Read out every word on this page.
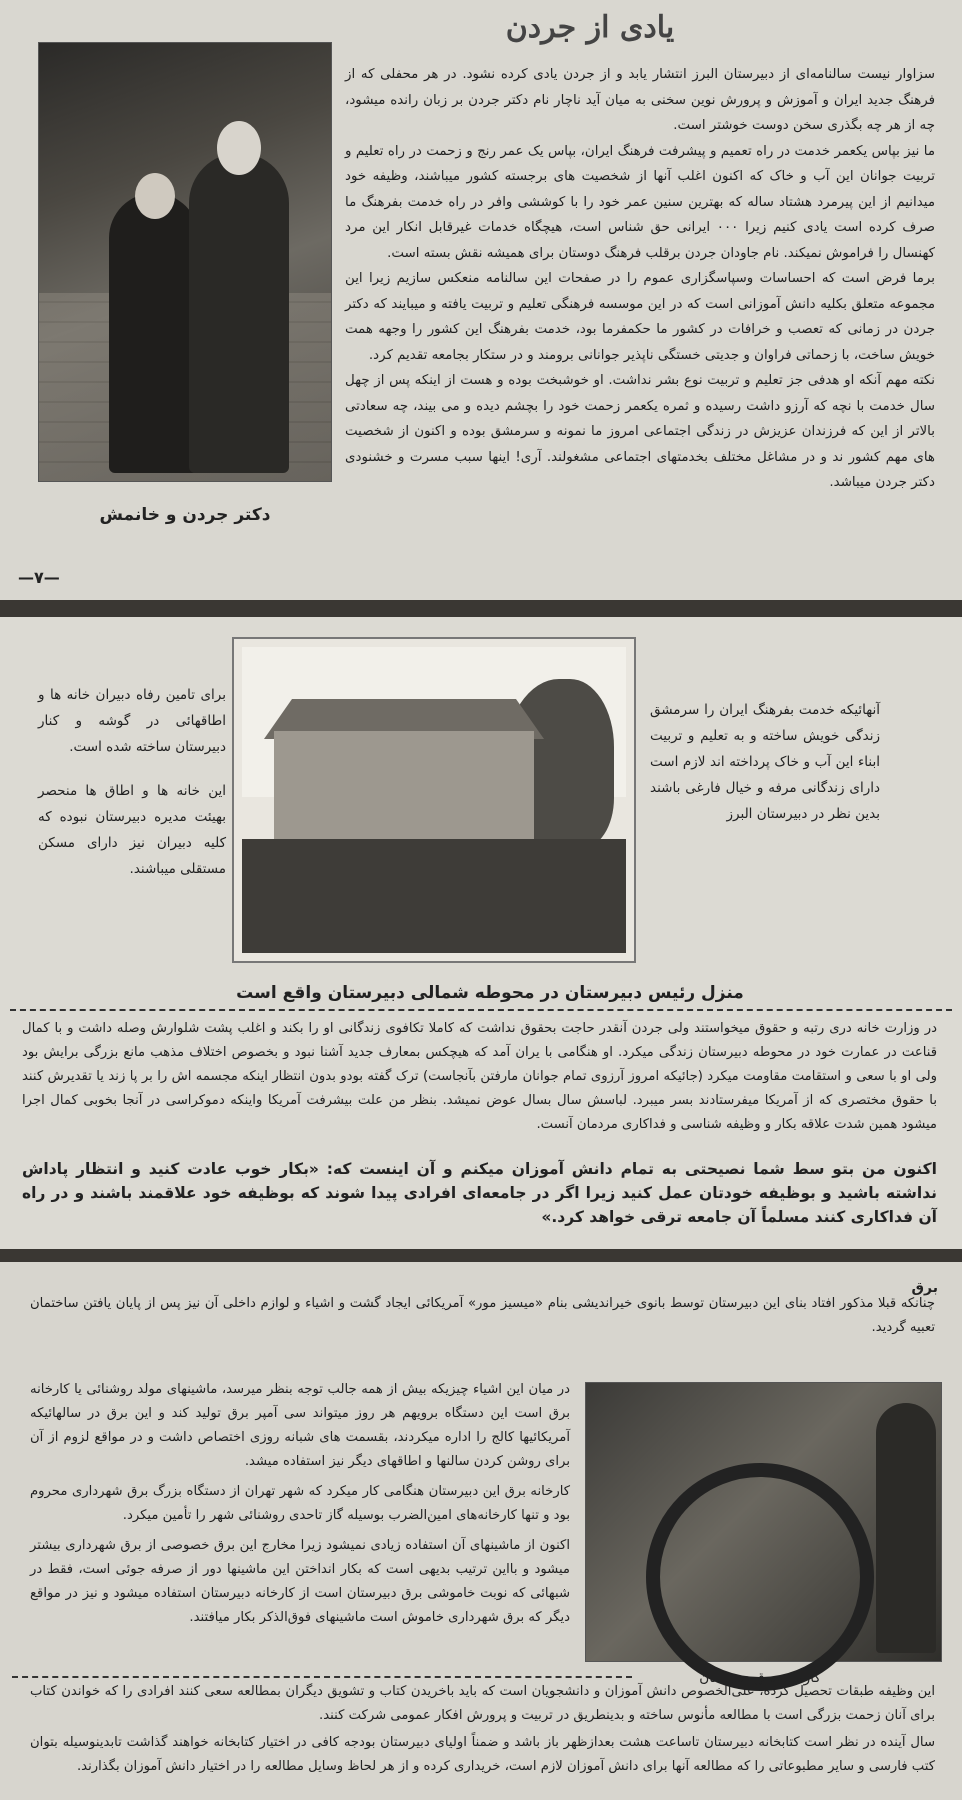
دکتر جردن و خانمش
یادی از جردن

سزاوار نیست سالنامه‌ای از دبیرستان البرز انتشار یابد و از جردن یادی کرده نشود. در هر محفلی که از فرهنگ جدید ایران و آموزش و پرورش نوین سخنی به میان آید ناچار نام دکتر جردن بر زبان رانده میشود، چه از هر چه بگذری سخن دوست خوشتر است.

ما نیز بپاس یکعمر خدمت در راه تعمیم و پیشرفت فرهنگ ایران، بپاس یک عمر رنج و زحمت در راه تعلیم و تربیت جوانان این آب و خاک که اکنون اغلب آنها از شخصیت های برجسته کشور میباشند، وظیفه خود میدانیم از این پیرمرد هشتاد ساله که بهترین سنین عمر خود را با کوششی وافر در راه خدمت بفرهنگ ما صرف کرده است یادی کنیم زیرا ۰۰۰ ایرانی حق شناس است، هیچگاه خدمات غیرقابل انکار این مرد کهنسال را فراموش نمیکند. نام جاودان جردن برقلب فرهنگ دوستان برای همیشه نقش بسته است.

برما فرض است که احساسات وسپاسگزاری عموم را در صفحات این سالنامه منعکس سازیم زیرا این مجموعه متعلق بکلیه دانش آموزانی است که در این موسسه فرهنگی تعلیم و تربیت یافته و میبایند که دکتر جردن در زمانی که تعصب و خرافات در کشور ما حکمفرما بود، خدمت بفرهنگ این کشور را وجهه همت خویش ساخت، با زحماتی فراوان و جدیتی خستگی ناپذیر جوانانی برومند و در ستکار بجامعه تقدیم کرد.

نکته مهم آنکه او هدفی جز تعلیم و تربیت نوع بشر نداشت. او خوشبخت بوده و هست از اینکه پس از چهل سال خدمت با نچه که آرزو داشت رسیده و ثمره یکعمر زحمت خود را بچشم دیده و می بیند، چه سعادتی بالاتر از این که فرزندان عزیزش در زندگی اجتماعی امروز ما نمونه و سرمشق بوده و اکنون از شخصیت های مهم کشور ند و در مشاغل مختلف بخدمتهای اجتماعی مشغولند. آری! اینها سبب مسرت و خشنودی دکتر جردن میباشد.

—۷—

برای تامین رفاه دبیران خانه ها و اطاقهائی در گوشه و کنار دبیرستان ساخته شده است.

این خانه ها و اطاق ها منحصر بهیئت مدیره دبیرستان نبوده که کلیه دبیران نیز دارای مسکن مستقلی میباشند.

آنهائیکه خدمت بفرهنگ ایران را سرمشق زندگی خویش ساخته و به تعلیم و تربیت ابناء این آب و خاک پرداخته اند لازم است دارای زندگانی مرفه و خیال فارغی باشند بدین نظر در دبیرستان البرز
منزل رئیس دبیرستان در محوطه شمالی دبیرستان واقع است

در وزارت خانه دری رتبه و حقوق میخواستند ولی جردن آنقدر حاجت بحقوق نداشت که کاملا تکافوی زندگانی او را بکند و اغلب پشت شلوارش وصله داشت و با کمال قناعت در عمارت خود در محوطه دبیرستان زندگی میکرد. او هنگامی با یران آمد که هیچکس بمعارف جدید آشنا نبود و بخصوص اختلاف مذهب مانع بزرگی برایش بود ولی او با سعی و استقامت مقاومت میکرد (جائیکه امروز آرزوی تمام جوانان مارفتن بآنجاست) ترک گفته بودو بدون انتظار اینکه مجسمه اش را بر پا زند یا تقدیرش کنند با حقوق مختصری که از آمریکا میفرستادند بسر میبرد. لباسش سال بسال عوض نمیشد. بنظر من علت بیشرفت آمریکا واینکه دموکراسی در آنجا بخوبی کمال اجرا میشود همین شدت علاقه بکار و وظیفه شناسی و فداکاری مردمان آنست.

اکنون من بتو سط شما نصیحتی به تمام دانش آموزان میکنم و آن اینست که: «بکار خوب عادت کنید و انتظار پاداش نداشته باشید و بوظیفه خودتان عمل کنید زیرا اگر در جامعه‌ای افرادی پیدا شوند که بوظیفه خود علاقمند باشند و در راه آن فداکاری کنند مسلماً آن جامعه ترقی خواهد کرد.»

برق
چنانکه قبلا مذکور افتاد بنای این دبیرستان توسط بانوی خیراندیشی بنام «میسیز مور» آمریکائی ایجاد گشت و اشیاء و لوازم داخلی آن نیز پس از پایان یافتن ساختمان تعبیه گردید.
کارخانه برق دبیرستان

در میان این اشیاء چیزیکه بیش از همه جالب توجه بنظر میرسد، ماشینهای مولد روشنائی یا کارخانه برق است این دستگاه برویهم هر روز میتواند سی آمپر برق تولید کند و این برق در سالهائیکه آمریکائیها کالج را اداره میکردند، بقسمت های شبانه روزی اختصاص داشت و در مواقع لزوم از آن برای روشن کردن سالنها و اطاقهای دیگر نیز استفاده میشد.

کارخانه برق این دبیرستان هنگامی کار میکرد که شهر تهران از دستگاه بزرگ برق شهرداری محروم بود و تنها کارخانه‌های امین‌الضرب بوسیله گاز تاحدی روشنائی شهر را تأمین میکرد.

اکنون از ماشینهای آن استفاده زیادی نمیشود زیرا مخارج این برق خصوصی از برق شهرداری بیشتر میشود و بااین ترتیب بدیهی است که بکار انداختن این ماشینها دور از صرفه جوئی است، فقط در شبهائی که نوبت خاموشی برق دبیرستان است از کارخانه دبیرستان استفاده میشود و نیز در مواقع دیگر که برق شهرداری خاموش است ماشینهای فوق‌الذکر بکار میافتند.

این وظیفه طبقات تحصیل کرده، علی‌الخصوص دانش آموزان و دانشجویان است که باید باخریدن کتاب و تشویق دیگران بمطالعه سعی کنند افرادی را که خواندن کتاب برای آنان زحمت بزرگی است با مطالعه مأنوس ساخته و بدینطریق در تربیت و پرورش افکار عمومی شرکت کنند.

سال آینده در نظر است کتابخانه دبیرستان تاساعت هشت بعدازظهر باز باشد و ضمناً اولیای دبیرستان بودجه کافی در اختیار کتابخانه خواهند گذاشت تابدینوسیله بتوان کتب فارسی و سایر مطبوعاتی را که مطالعه آنها برای دانش آموزان لازم است، خریداری کرده و از هر لحاظ وسایل مطالعه را در اختیار دانش آموزان بگذارند.
